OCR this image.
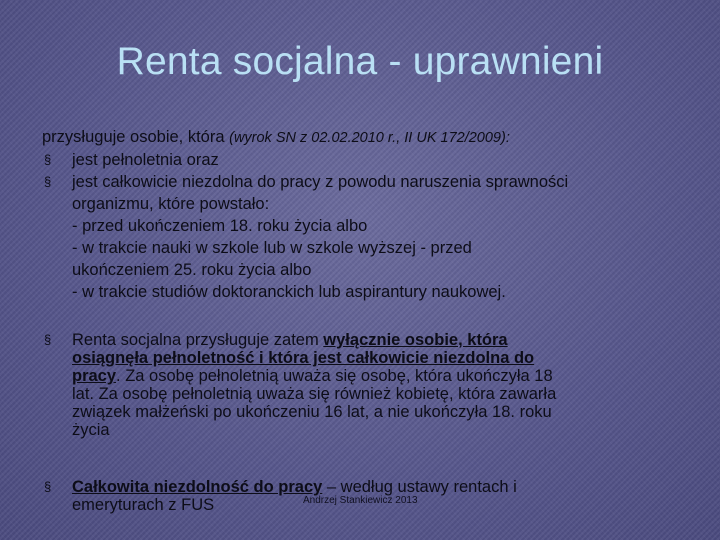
Renta socjalna - uprawnieni
przysługuje osobie, która (wyrok SN z 02.02.2010 r., II UK 172/2009):
§ jest pełnoletnia oraz
§ jest całkowicie niezdolna do pracy z powodu naruszenia sprawności
organizmu, które powstało:
- przed ukończeniem 18. roku życia albo
- w trakcie nauki w szkole lub w szkole wyższej - przed
ukończeniem 25. roku życia albo
- w trakcie studiów doktoranckich lub aspirantury naukowej.
§ Renta socjalna przysługuje zatem wyłącznie osobie, która
osiągnęła pełnoletność i która jest całkowicie niezdolna do
pracy. Za osobę pełnoletnią uważa się osobę, która ukończyła 18
lat. Za osobę pełnoletnią uważa się również kobietę, która zawarła
związek małżeński po ukończeniu 16 lat, a nie ukończyła 18. roku
życia
§ Całkowita niezdolność do pracy – według ustawy rentach i
emeryturach z FUS	Andrzej Stankiewicz 2013
